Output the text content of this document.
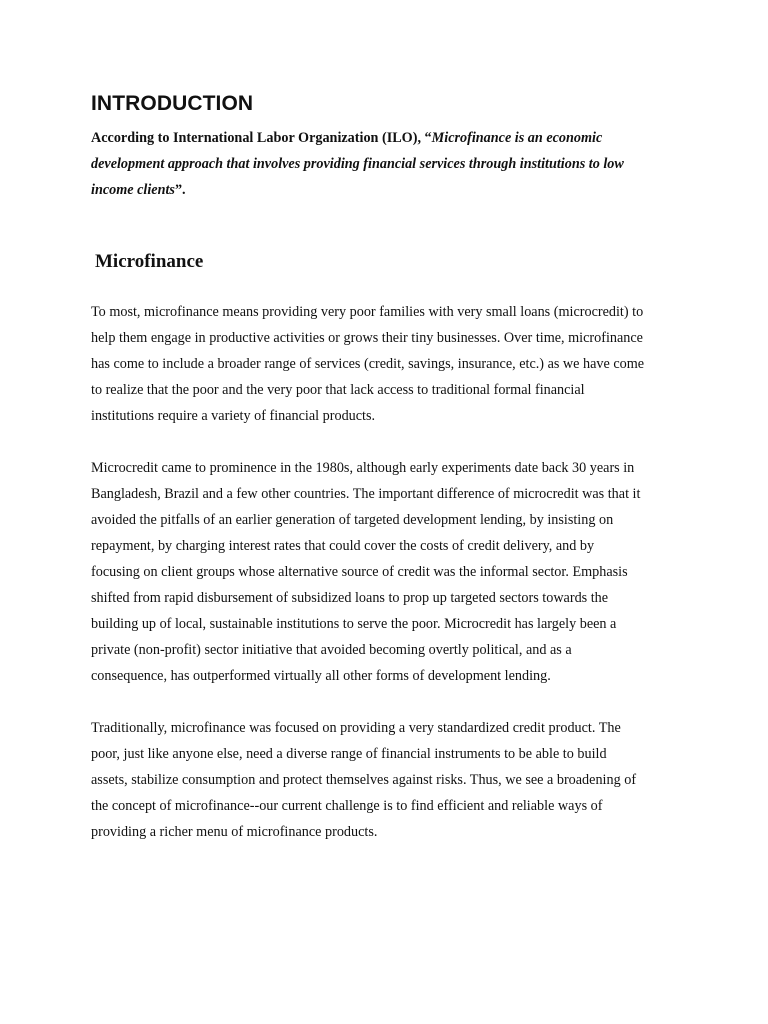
INTRODUCTION

According to International Labor Organization (ILO), “Microfinance is an economic
development approach that involves providing financial services through institutions to low
income clients”.

Microfinance

To most, microfinance means providing very poor families with very small loans (microcredit) to
help them engage in productive activities or grows their tiny businesses. Over time, microfinance
has come to include a broader range of services (credit, savings, insurance, etc.) as we have come
to realize that the poor and the very poor that lack access to traditional formal financial
institutions require a variety of financial products.

Microcredit came to prominence in the 1980s, although early experiments date back 30 years in
Bangladesh, Brazil and a few other countries. The important difference of microcredit was that it
avoided the pitfalls of an earlier generation of targeted development lending, by insisting on
repayment, by charging interest rates that could cover the costs of credit delivery, and by
focusing on client groups whose alternative source of credit was the informal sector. Emphasis
shifted from rapid disbursement of subsidized loans to prop up targeted sectors towards the
building up of local, sustainable institutions to serve the poor. Microcredit has largely been a
private (non-profit) sector initiative that avoided becoming overtly political, and as a
consequence, has outperformed virtually all other forms of development lending.

Traditionally, microfinance was focused on providing a very standardized credit product. The
poor, just like anyone else, need a diverse range of financial instruments to be able to build
assets, stabilize consumption and protect themselves against risks. Thus, we see a broadening of
the concept of microfinance--our current challenge is to find efficient and reliable ways of
providing a richer menu of microfinance products.
